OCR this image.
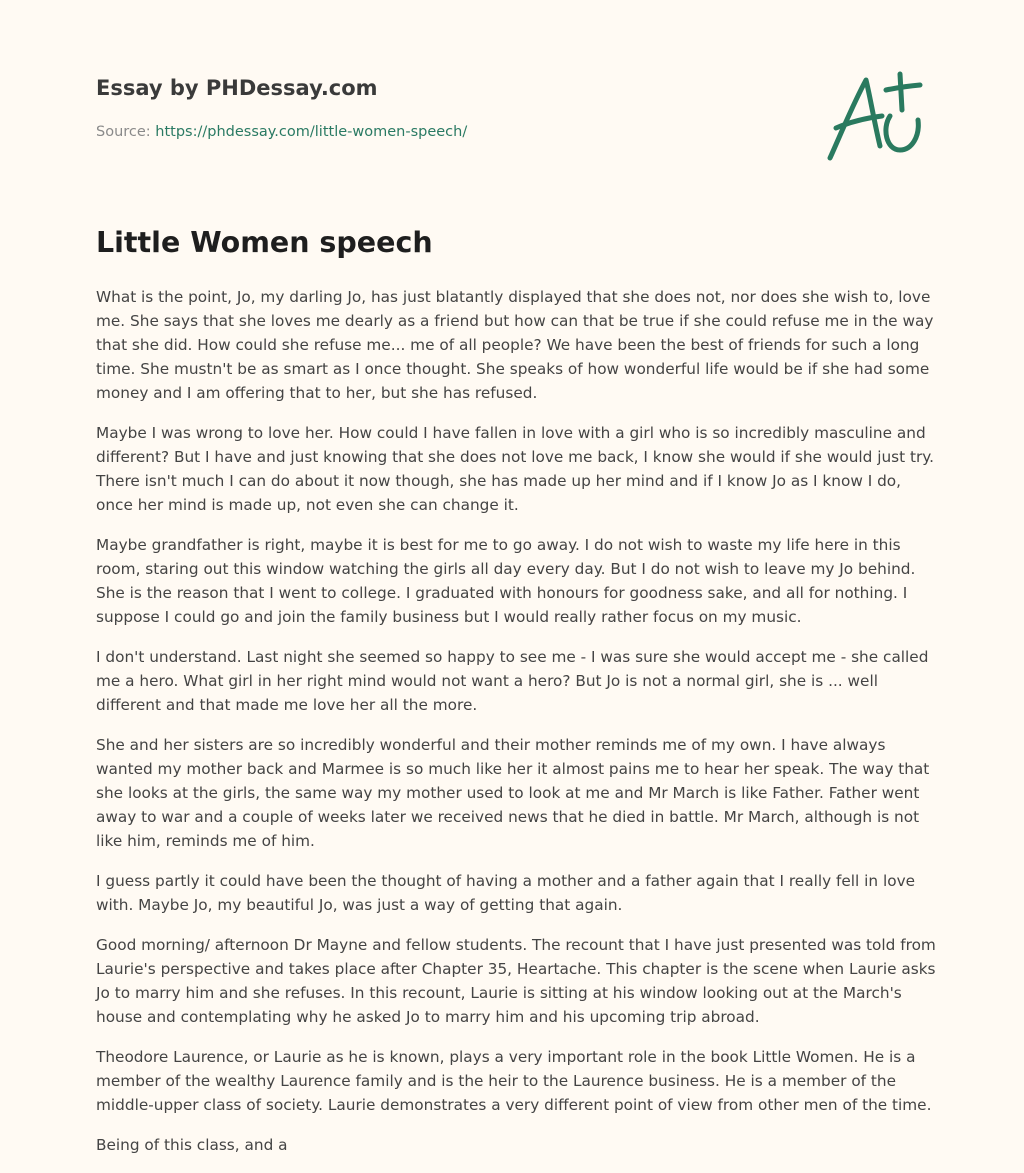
Essay by PHDessay.com

Source: https://phdessay.com/little-women-speech/

Little Women speech

What is the point, Jo, my darling Jo, has just blatantly displayed that she does not, nor does she wish to, love me. She says that she loves me dearly as a friend but how can that be true if she could refuse me in the way that she did. How could she refuse me... me of all people? We have been the best of friends for such a long time. She mustn't be as smart as I once thought. She speaks of how wonderful life would be if she had some money and I am offering that to her, but she has refused.

Maybe I was wrong to love her. How could I have fallen in love with a girl who is so incredibly masculine and different? But I have and just knowing that she does not love me back, I know she would if she would just try. There isn't much I can do about it now though, she has made up her mind and if I know Jo as I know I do, once her mind is made up, not even she can change it.

Maybe grandfather is right, maybe it is best for me to go away. I do not wish to waste my life here in this room, staring out this window watching the girls all day every day. But I do not wish to leave my Jo behind. She is the reason that I went to college. I graduated with honours for goodness sake, and all for nothing. I suppose I could go and join the family business but I would really rather focus on my music.

I don't understand. Last night she seemed so happy to see me - I was sure she would accept me - she called me a hero. What girl in her right mind would not want a hero? But Jo is not a normal girl, she is ... well different and that made me love her all the more.

She and her sisters are so incredibly wonderful and their mother reminds me of my own. I have always wanted my mother back and Marmee is so much like her it almost pains me to hear her speak. The way that she looks at the girls, the same way my mother used to look at me and Mr March is like Father. Father went away to war and a couple of weeks later we received news that he died in battle. Mr March, although is not like him, reminds me of him.

I guess partly it could have been the thought of having a mother and a father again that I really fell in love with. Maybe Jo, my beautiful Jo, was just a way of getting that again.

Good morning/ afternoon Dr Mayne and fellow students. The recount that I have just presented was told from Laurie's perspective and takes place after Chapter 35, Heartache. This chapter is the scene when Laurie asks Jo to marry him and she refuses. In this recount, Laurie is sitting at his window looking out at the March's house and contemplating why he asked Jo to marry him and his upcoming trip abroad.

Theodore Laurence, or Laurie as he is known, plays a very important role in the book Little Women. He is a member of the wealthy Laurence family and is the heir to the Laurence business. He is a member of the middle-upper class of society. Laurie demonstrates a very different point of view from other men of the time.

Being of this class, and a
